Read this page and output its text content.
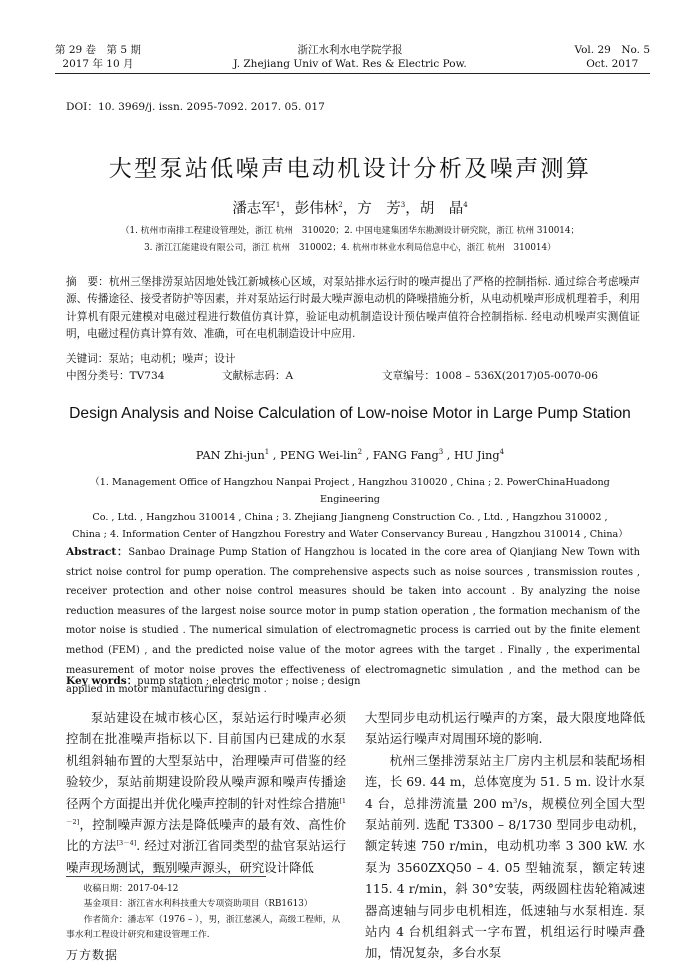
第 29 卷　第 5 期
2017 年 10 月
浙江水利水电学院学报
J. Zhejiang Univ of Wat. Res & Electric Pow.
Vol. 29　No. 5
Oct. 2017
DOI：10. 3969/j. issn. 2095-7092. 2017. 05. 017
大型泵站低噪声电动机设计分析及噪声测算
潘志军$^1$，彭伟林$^2$，方　芳$^3$，胡　晶$^4$
（1. 杭州市南排工程建设管理处，浙江 杭州　310020；2. 中国电建集团华东勘测设计研究院，浙江 杭州 310014；
3. 浙江江能建设有限公司，浙江 杭州　310002；4. 杭州市林业水利局信息中心，浙江 杭州　310014）
摘　要：杭州三堡排涝泵站因地处钱江新城核心区域，对泵站排水运行时的噪声提出了严格的控制指标. 通过综合考虑噪声源、传播途径、接受者防护等因素，并对泵站运行时最大噪声源电动机的降噪措施分析，从电动机噪声形成机理着手，利用计算机有限元建模对电磁过程进行数值仿真计算，验证电动机制造设计预估噪声值符合控制指标. 经电动机噪声实测值证明，电磁过程仿真计算有效、准确，可在电机制造设计中应用.
关键词：泵站；电动机；噪声；设计
中图分类号：TV734	文献标志码：A	文章编号：1008 – 536X(2017)05-0070-06
Design Analysis and Noise Calculation of Low-noise Motor in Large Pump Station
PAN Zhi-jun$^1$ , PENG Wei-lin$^2$ , FANG Fang$^3$ , HU Jing$^4$
（1. Management Office of Hangzhou Nanpai Project , Hangzhou 310020 , China ; 2. PowerChinaHuadong Engineering
Co. , Ltd. , Hangzhou 310014 , China ; 3. Zhejiang Jiangneng Construction Co. , Ltd. , Hangzhou 310002 ,
China ; 4. Information Center of Hangzhou Forestry and Water Conservancy Bureau , Hangzhou 310014 , China）
Abstract：Sanbao Drainage Pump Station of Hangzhou is located in the core area of Qianjiang New Town with strict noise control for pump operation. The comprehensive aspects such as noise sources , transmission routes , receiver protection and other noise control measures should be taken into account . By analyzing the noise reduction measures of the largest noise source motor in pump station operation , the formation mechanism of the motor noise is studied . The numerical simulation of electromagnetic process is carried out by the finite element method (FEM) , and the predicted noise value of the motor agrees with the target . Finally , the experimental measurement of motor noise proves the effectiveness of electromagnetic simulation , and the method can be applied in motor manufacturing design .
Key words：pump station ; electric motor ; noise ; design

泵站建设在城市核心区，泵站运行时噪声必须控制在批准噪声指标以下. 目前国内已建成的水泵机组斜轴布置的大型泵站中，治理噪声可借鉴的经验较少，泵站前期建设阶段从噪声源和噪声传播途径两个方面提出并优化噪声控制的针对性综合措施[1－2]，控制噪声源方法是降低噪声的最有效、高性价比的方法[3－4]. 经过对浙江省同类型的盐官泵站运行噪声现场测试，甄别噪声源头，研究设计降低

收稿日期：2017-04-12

基金项目：浙江省水利科技重大专项资助项目（RB1613）

作者简介：潘志军（1976 – ），男，浙江慈溪人，高级工程师，从事水利工程设计研究和建设管理工作.

万方数据

大型同步电动机运行噪声的方案，最大限度地降低泵站运行噪声对周围环境的影响.

杭州三堡排涝泵站主厂房内主机层和装配场相连，长 69. 44 m，总体宽度为 51. 5 m. 设计水泵 4 台，总排涝流量 200 $m^3/s$，规模位列全国大型泵站前列. 选配 T3300 – 8/1730 型同步电动机，额定转速 750 r/min，电动机功率 3 300 kW. 水泵为 3560ZXQ50 – 4. 05 型轴流泵，额定转速 115. 4 r/min，斜 30°安装，两级圆柱齿轮箱减速器高速轴与同步电机相连，低速轴与水泵相连. 泵站内 4 台机组斜式一字布置，机组运行时噪声叠加，情况复杂，多台水泵
